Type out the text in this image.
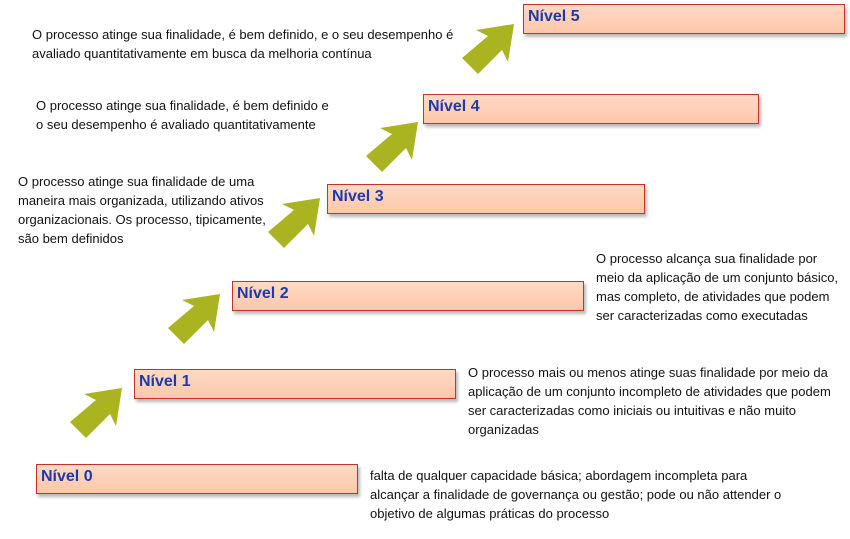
Nível 0
Nível 1
Nível 2
Nível 3
Nível 4
Nível 5

falta de qualquer capacidade básica; abordagem incompleta para alcançar a finalidade de governança ou gestão; pode ou não attender o objetivo de algumas práticas do processo

O processo mais ou menos atinge suas finalidade por meio da aplicação de um conjunto incompleto de atividades que podem ser caracterizadas como iniciais ou intuitivas e não muito organizadas

O processo alcança sua finalidade por meio da aplicação de um conjunto básico, mas completo, de atividades que podem ser caracterizadas como executadas

O processo atinge sua finalidade de uma maneira mais organizada, utilizando ativos organizacionais. Os processo, tipicamente, são bem definidos

O processo atinge sua finalidade, é bem definido e o seu desempenho é avaliado quantitativamente

O processo atinge sua finalidade, é bem definido, e o seu desempenho é avaliado quantitativamente em busca da melhoria contínua
